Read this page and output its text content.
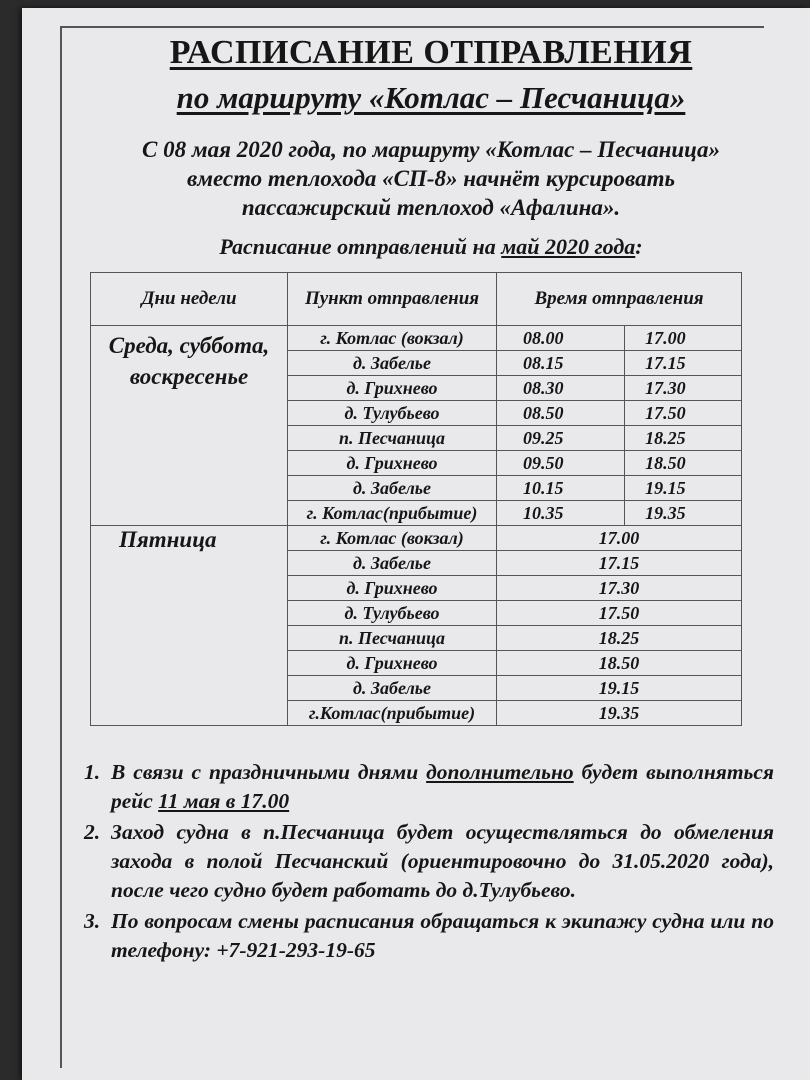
РАСПИСАНИЕ ОТПРАВЛЕНИЯ
по маршруту «Котлас – Песчаница»
С 08 мая 2020 года, по маршруту «Котлас – Песчаница»
вместо теплохода «СП-8» начнёт курсировать
пассажирский теплоход «Афалина».
Расписание отправлений на май 2020 года:
Дни недели	Пункт отправления	Время отправления	
Среда, суббота, воскресенье	г. Котлас (вокзал)	08.00	17.00
	д. Забелье	08.15	17.15
	д. Грихнево	08.30	17.30
	д. Тулубьево	08.50	17.50
	п. Песчаница	09.25	18.25
	д. Грихнево	09.50	18.50
	д. Забелье	10.15	19.15
	г. Котлас(прибытие)	10.35	19.35
Пятница	г. Котлас (вокзал)	17.00	
	д. Забелье	17.15	
	д. Грихнево	17.30	
	д. Тулубьево	17.50	
	п. Песчаница	18.25	
	д. Грихнево	18.50	
	д. Забелье	19.15	
	г.Котлас(прибытие)	19.35	
1. В связи с праздничными днями дополнительно будет выполняться рейс 11 мая в 17.00
2. Заход судна в п.Песчаница будет осуществляться до обмеления захода в полой Песчанский (ориентировочно до 31.05.2020 года), после чего судно будет работать до д.Тулубьево.
3. По вопросам смены расписания обращаться к экипажу судна или по телефону: +7-921-293-19-65
